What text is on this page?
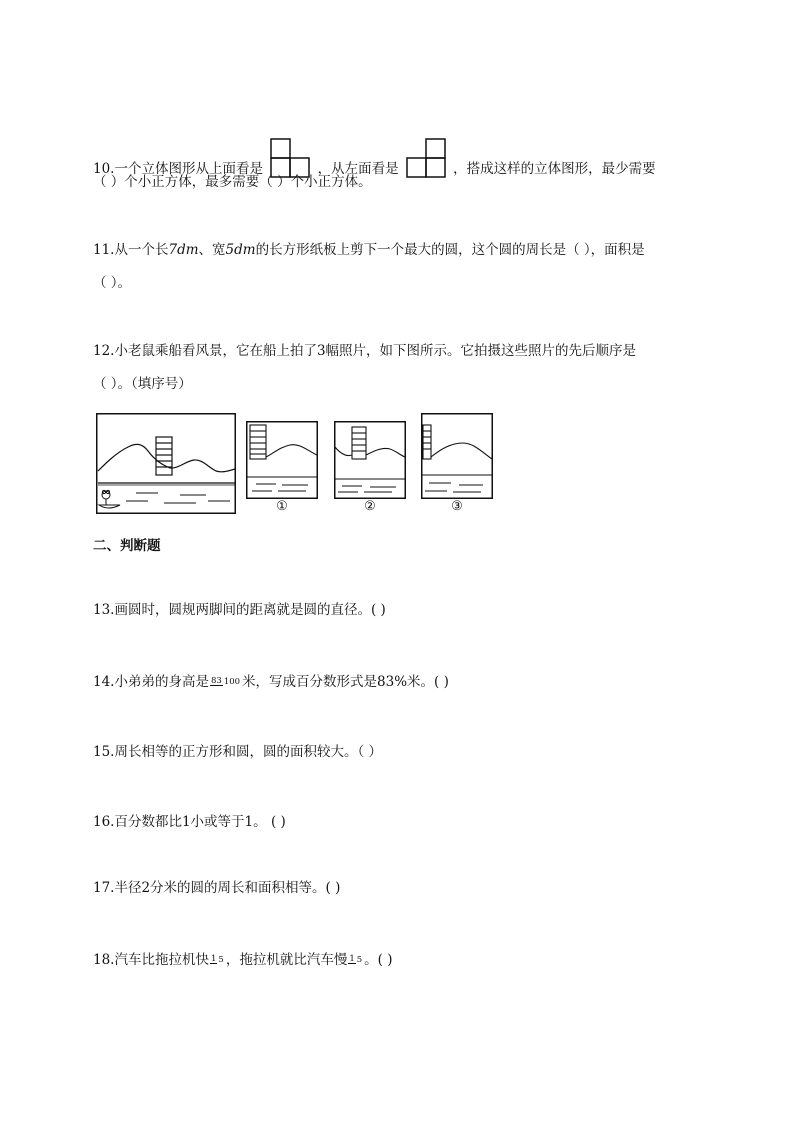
10.一个立体图形从上面看是	，从左面看是	，搭成这样的立体图形，最少需要
（ ）个小正方体，最多需要（ ）个小正方体。
11.从一个长7dm、宽5dm的长方形纸板上剪下一个最大的圆，这个圆的周长是（ ），面积是
（ ）。
12.小老鼠乘船看风景，它在船上拍了3幅照片，如下图所示。它拍摄这些照片的先后顺序是
（ ）。（填序号）
①	②	③
二、判断题
13.画圆时，圆规两脚间的距离就是圆的直径。( )
14.小弟弟的身高是 83 100 米，写成百分数形式是83%米。( )
15.周长相等的正方形和圆，圆的面积较大。（ ）
16.百分数都比1小或等于1。 ( )
17.半径2分米的圆的周长和面积相等。( )
18.汽车比拖拉机快 1 5 ，拖拉机就比汽车慢 1 5 。( )
